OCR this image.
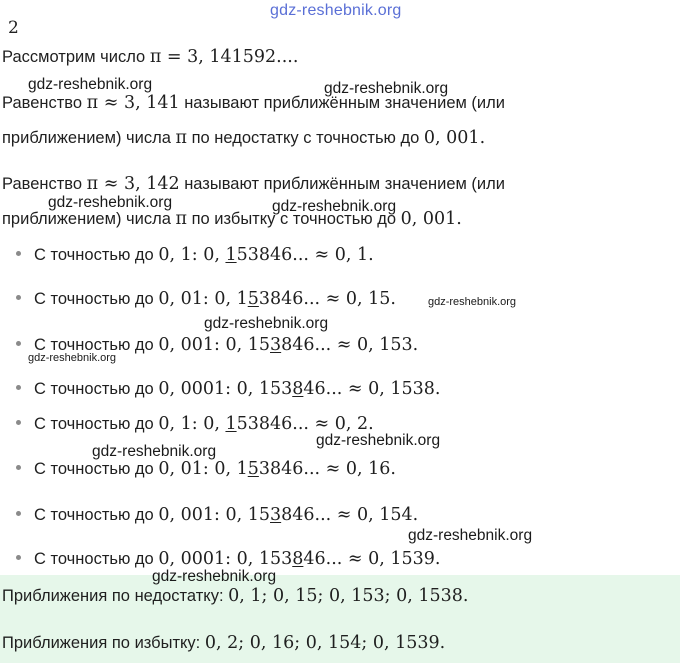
2
gdz-reshebnik.org
Рассмотрим число π = 3, 141592....
Равенство π ≈ 3, 141 называют приближённым значением (или
приближением) числа π по недостатку с точностью до 0, 001.
Равенство π ≈ 3, 142 называют приближённым значением (или
приближением) числа π по избытку с точностью до 0, 001.
С точностью до 0, 1: 0, 153846... ≈ 0, 1.
С точностью до 0, 01: 0, 153846... ≈ 0, 15.
С точностью до 0, 001: 0, 153846... ≈ 0, 153.
С точностью до 0, 0001: 0, 153846... ≈ 0, 1538.
С точностью до 0, 1: 0, 153846... ≈ 0, 2.
С точностью до 0, 01: 0, 153846... ≈ 0, 16.
С точностью до 0, 001: 0, 153846... ≈ 0, 154.
С точностью до 0, 0001: 0, 153846... ≈ 0, 1539.
Приближения по недостатку: 0, 1; 0, 15; 0, 153; 0, 1538.
Приближения по избытку: 0, 2; 0, 16; 0, 154; 0, 1539.
gdz-reshebnik.org	gdz-reshebnik.org
gdz-reshebnik.org	gdz-reshebnik.org
gdz-reshebnik.org
gdz-reshebnik.org
gdz-reshebnik.org
gdz-reshebnik.org
gdz-reshebnik.org
gdz-reshebnik.org
gdz-reshebnik.org
